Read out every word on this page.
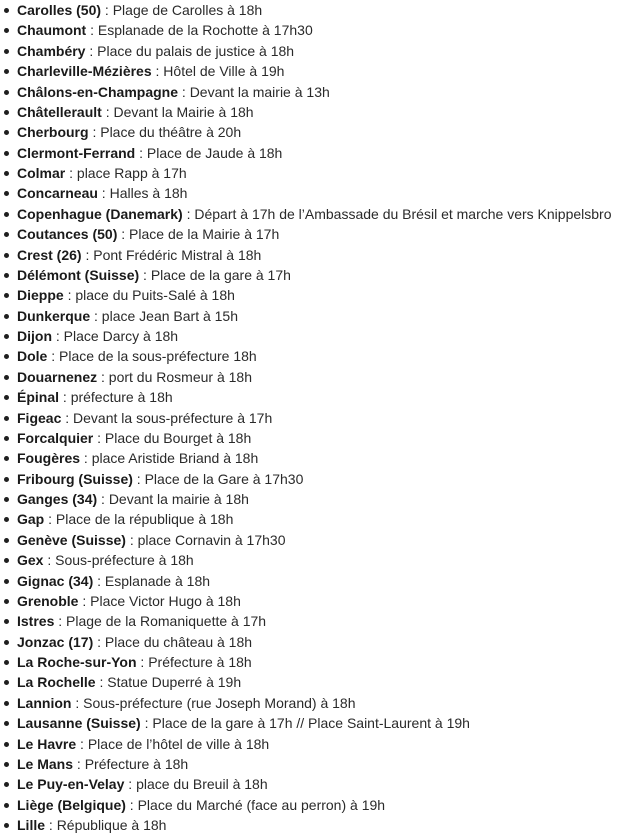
Carolles (50) : Plage de Carolles à 18h
Chaumont : Esplanade de la Rochotte à 17h30
Chambéry : Place du palais de justice à 18h
Charleville-Mézières : Hôtel de Ville à 19h
Châlons-en-Champagne : Devant la mairie à 13h
Châtellerault : Devant la Mairie à 18h
Cherbourg : Place du théâtre à 20h
Clermont-Ferrand : Place de Jaude à 18h
Colmar : place Rapp à 17h
Concarneau : Halles à 18h
Copenhague (Danemark) : Départ à 17h de l’Ambassade du Brésil et marche vers Knippelsbro
Coutances (50) : Place de la Mairie à 17h
Crest (26) : Pont Frédéric Mistral à 18h
Délémont (Suisse) : Place de la gare à 17h
Dieppe : place du Puits-Salé à 18h
Dunkerque : place Jean Bart à 15h
Dijon : Place Darcy à 18h
Dole : Place de la sous-préfecture 18h
Douarnenez : port du Rosmeur à 18h
Épinal : préfecture à 18h
Figeac : Devant la sous-préfecture à 17h
Forcalquier : Place du Bourget à 18h
Fougères : place Aristide Briand à 18h
Fribourg (Suisse) : Place de la Gare à 17h30
Ganges (34) : Devant la mairie à 18h
Gap : Place de la république à 18h
Genève (Suisse) : place Cornavin à 17h30
Gex : Sous-préfecture à 18h
Gignac (34) : Esplanade à 18h
Grenoble : Place Victor Hugo à 18h
Istres : Plage de la Romaniquette à 17h
Jonzac (17) : Place du château à 18h
La Roche-sur-Yon : Préfecture à 18h
La Rochelle : Statue Duperré à 19h
Lannion : Sous-préfecture (rue Joseph Morand) à 18h
Lausanne (Suisse) : Place de la gare à 17h // Place Saint-Laurent à 19h
Le Havre : Place de l’hôtel de ville à 18h
Le Mans : Préfecture à 18h
Le Puy-en-Velay : place du Breuil à 18h
Liège (Belgique) : Place du Marché (face au perron) à 19h
Lille : République à 18h
